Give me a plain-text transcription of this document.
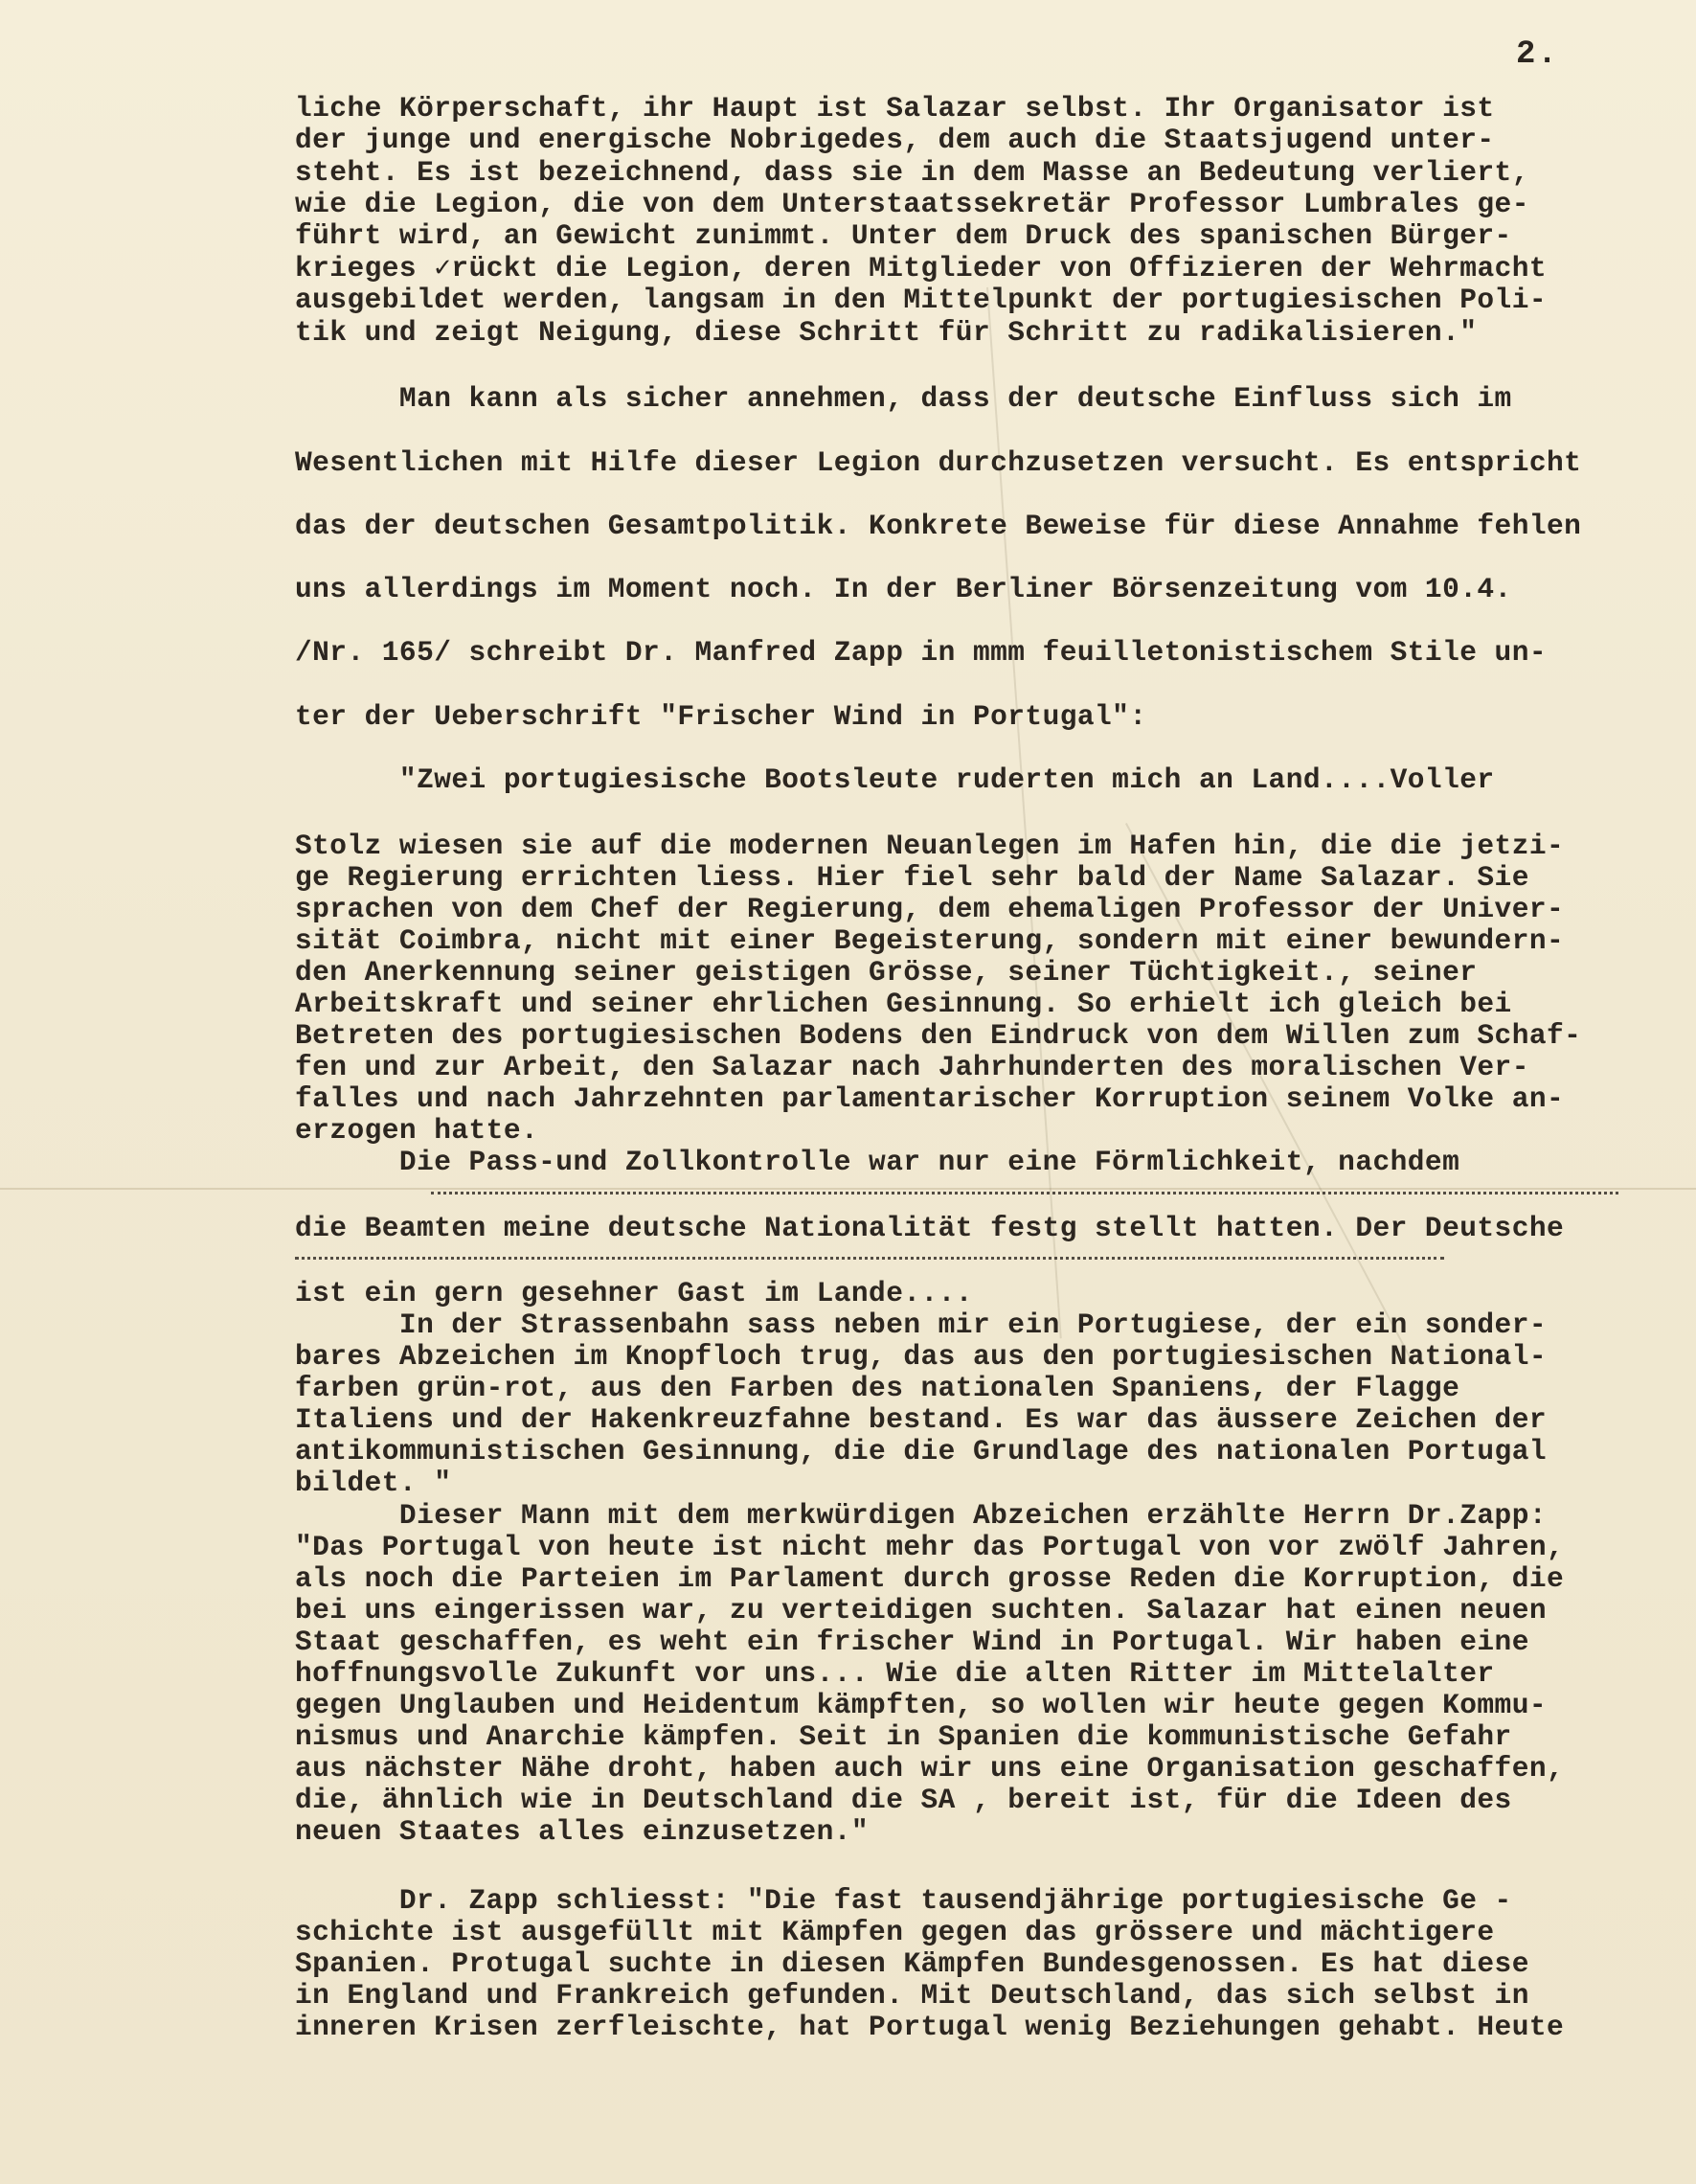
2.

liche Körperschaft, ihr Haupt ist Salazar selbst. Ihr Organisator ist

der junge und energische Nobrigedes, dem auch die Staatsjugend unter-

steht. Es ist bezeichnend, dass sie in dem Masse an Bedeutung verliert,

wie die Legion, die von dem Unterstaatssekretär Professor Lumbrales ge-

führt wird, an Gewicht zunimmt. Unter dem Druck des spanischen Bürger-

krieges ✓rückt die Legion, deren Mitglieder von Offizieren der Wehrmacht

ausgebildet werden, langsam in den Mittelpunkt der portugiesischen Poli-

tik und zeigt Neigung, diese Schritt für Schritt zu radikalisieren."

Man kann als sicher annehmen, dass der deutsche Einfluss sich im

Wesentlichen mit Hilfe dieser Legion durchzusetzen versucht. Es entspricht

das der deutschen Gesamtpolitik. Konkrete Beweise für diese Annahme fehlen

uns allerdings im Moment noch. In der Berliner Börsenzeitung vom 10.4.

/Nr. 165/ schreibt Dr. Manfred Zapp in mmm feuilletonistischem Stile un-

ter der Ueberschrift "Frischer Wind in Portugal":

"Zwei portugiesische Bootsleute ruderten mich an Land....Voller

Stolz wiesen sie auf die modernen Neuanlegen im Hafen hin, die die jetzi-

ge Regierung errichten liess. Hier fiel sehr bald der Name Salazar. Sie

sprachen von dem Chef der Regierung, dem ehemaligen Professor der Univer-

sität Coimbra, nicht mit einer Begeisterung, sondern mit einer bewundern-

den Anerkennung seiner geistigen Grösse, seiner Tüchtigkeit., seiner

Arbeitskraft und seiner ehrlichen Gesinnung. So erhielt ich gleich bei

Betreten des portugiesischen Bodens den Eindruck von dem Willen zum Schaf-

fen und zur Arbeit, den Salazar nach Jahrhunderten des moralischen Ver-

falles und nach Jahrzehnten parlamentarischer Korruption seinem Volke an-

erzogen hatte.

Die Pass-und Zollkontrolle war nur eine Förmlichkeit, nachdem

die Beamten meine deutsche Nationalität festg stellt hatten. Der Deutsche

ist ein gern gesehner Gast im Lande....

In der Strassenbahn sass neben mir ein Portugiese, der ein sonder-

bares Abzeichen im Knopfloch trug, das aus den portugiesischen National-

farben grün-rot, aus den Farben des nationalen Spaniens, der Flagge

Italiens und der Hakenkreuzfahne bestand. Es war das äussere Zeichen der

antikommunistischen Gesinnung, die die Grundlage des nationalen Portugal

bildet. "

Dieser Mann mit dem merkwürdigen Abzeichen erzählte Herrn Dr.Zapp:

"Das Portugal von heute ist nicht mehr das Portugal von vor zwölf Jahren,

als noch die Parteien im Parlament durch grosse Reden die Korruption, die

bei uns eingerissen war, zu verteidigen suchten. Salazar hat einen neuen

Staat geschaffen, es weht ein frischer Wind in Portugal. Wir haben eine

hoffnungsvolle Zukunft vor uns... Wie die alten Ritter im Mittelalter

gegen Unglauben und Heidentum kämpften, so wollen wir heute gegen Kommu-

nismus und Anarchie kämpfen. Seit in Spanien die kommunistische Gefahr

aus nächster Nähe droht, haben auch wir uns eine Organisation geschaffen,

die, ähnlich wie in Deutschland die SA , bereit ist, für die Ideen des

neuen Staates alles einzusetzen."

Dr. Zapp schliesst: "Die fast tausendjährige portugiesische Ge -

schichte ist ausgefüllt mit Kämpfen gegen das grössere und mächtigere

Spanien. Protugal suchte in diesen Kämpfen Bundesgenossen. Es hat diese

in England und Frankreich gefunden. Mit Deutschland, das sich selbst in

inneren Krisen zerfleischte, hat Portugal wenig Beziehungen gehabt. Heute
